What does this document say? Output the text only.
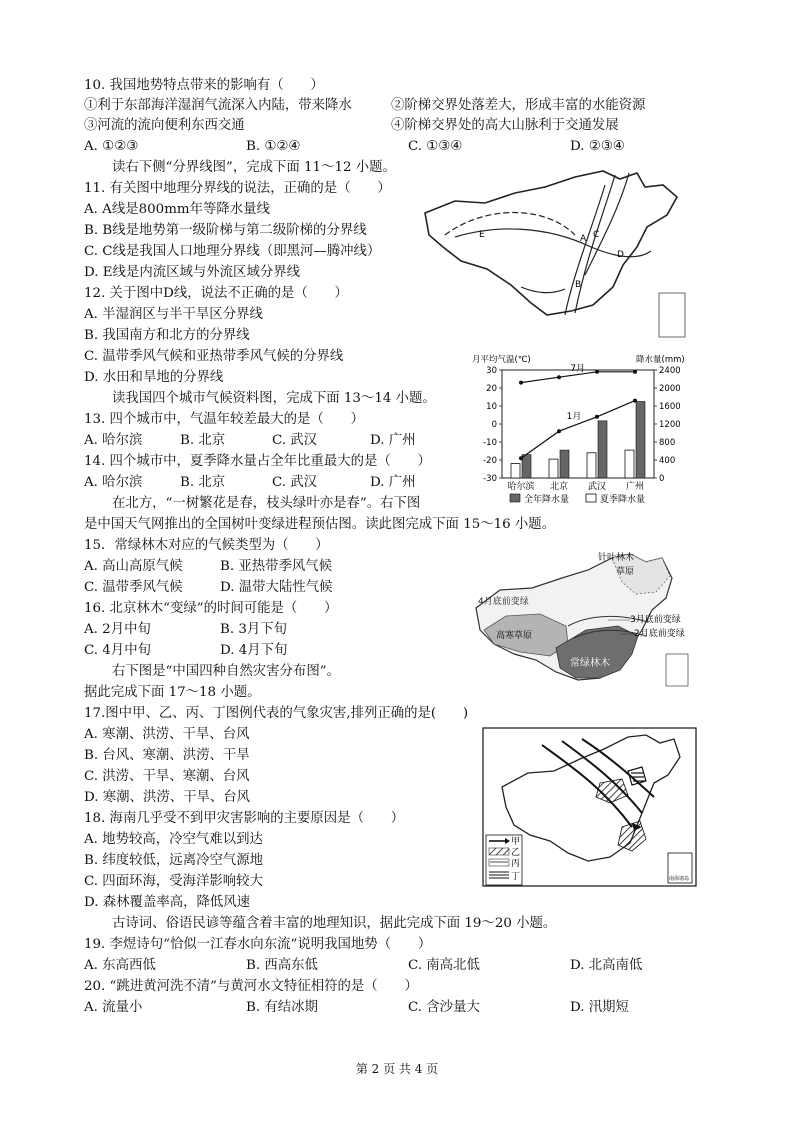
10. 我国地势特点带来的影响有（　　）
①利于东部海洋湿润气流深入内陆，带来降水	②阶梯交界处落差大，形成丰富的水能资源
③河流的流向便利东西交通	④阶梯交界处的高大山脉利于交通发展
A. ①②③	B. ①②④	C. ①③④	D. ②③④
读右下侧“分界线图”，完成下面 11～12 小题。
11. 有关图中地理分界线的说法，正确的是（　　）
A. A线是800mm年等降水量线
B. B线是地势第一级阶梯与第二级阶梯的分界线
C. C线是我国人口地理分界线（即黑河—腾冲线）
D. E线是内流区域与外流区域分界线
12. 关于图中D线，说法不正确的是（　　）
A. 半湿润区与半干旱区分界线
B. 我国南方和北方的分界线
C. 温带季风气候和亚热带季风气候的分界线
D. 水田和旱地的分界线
读我国四个城市气候资料图，完成下面 13～14 小题。
13. 四个城市中，气温年较差最大的是（　　）
A. 哈尔滨	B. 北京	C. 武汉	D. 广州
14. 四个城市中，夏季降水量占全年比重最大的是（　　）
A. 哈尔滨	B. 北京	C. 武汉	D. 广州
在北方，“一树繁花是春，枝头绿叶亦是春”。右下图
是中国天气网推出的全国树叶变绿进程预估图。读此图完成下面 15～16 小题。
15．常绿林木对应的气候类型为（　　）
A. 高山高原气候	B. 亚热带季风气候
C. 温带季风气候	D. 温带大陆性气候
16. 北京林木“变绿”的时间可能是（　　）
A. 2月中旬	B. 3月下旬
C. 4月中旬	D. 4月下旬
右下图是“中国四种自然灾害分布图”。
据此完成下面 17～18 小题。
17.图中甲、乙、丙、丁图例代表的气象灾害,排列正确的是(　　)
A. 寒潮、洪涝、干旱、台风
B. 台风、寒潮、洪涝、干旱
C. 洪涝、干旱、寒潮、台风
D. 寒潮、洪涝、干旱、台风
18. 海南几乎受不到甲灾害影响的主要原因是（　　）
A. 地势较高，冷空气难以到达
B. 纬度较低，远离冷空气源地
C. 四面环海，受海洋影响较大
D. 森林覆盖率高，降低风速
古诗词、俗语民谚等蕴含着丰富的地理知识，据此完成下面 19～20 小题。
19. 李煜诗句“恰似一江春水向东流”说明我国地势（　　）
A. 东高西低	B. 西高东低	C. 南高北低	D. 北高南低
20. “跳进黄河洗不清”与黄河水文特征相符的是（　　）
A. 流量小	B. 有结冰期	C. 含沙量大	D. 汛期短
A
B
C
D
E
月平均气温(℃)	降水量(mm)
30
20
10
0
-10
-20
-30
2400
2000
1600
1200
800
400
0
哈尔滨 北京 武汉 广州
7月
1月
全年降水量	夏季降水量
针叶林木
草原
4月底前变绿
3月底前变绿
2月底前变绿
高寒草原
常绿林木
甲
乙
丙
丁	南海诸岛
第 2 页 共 4 页
